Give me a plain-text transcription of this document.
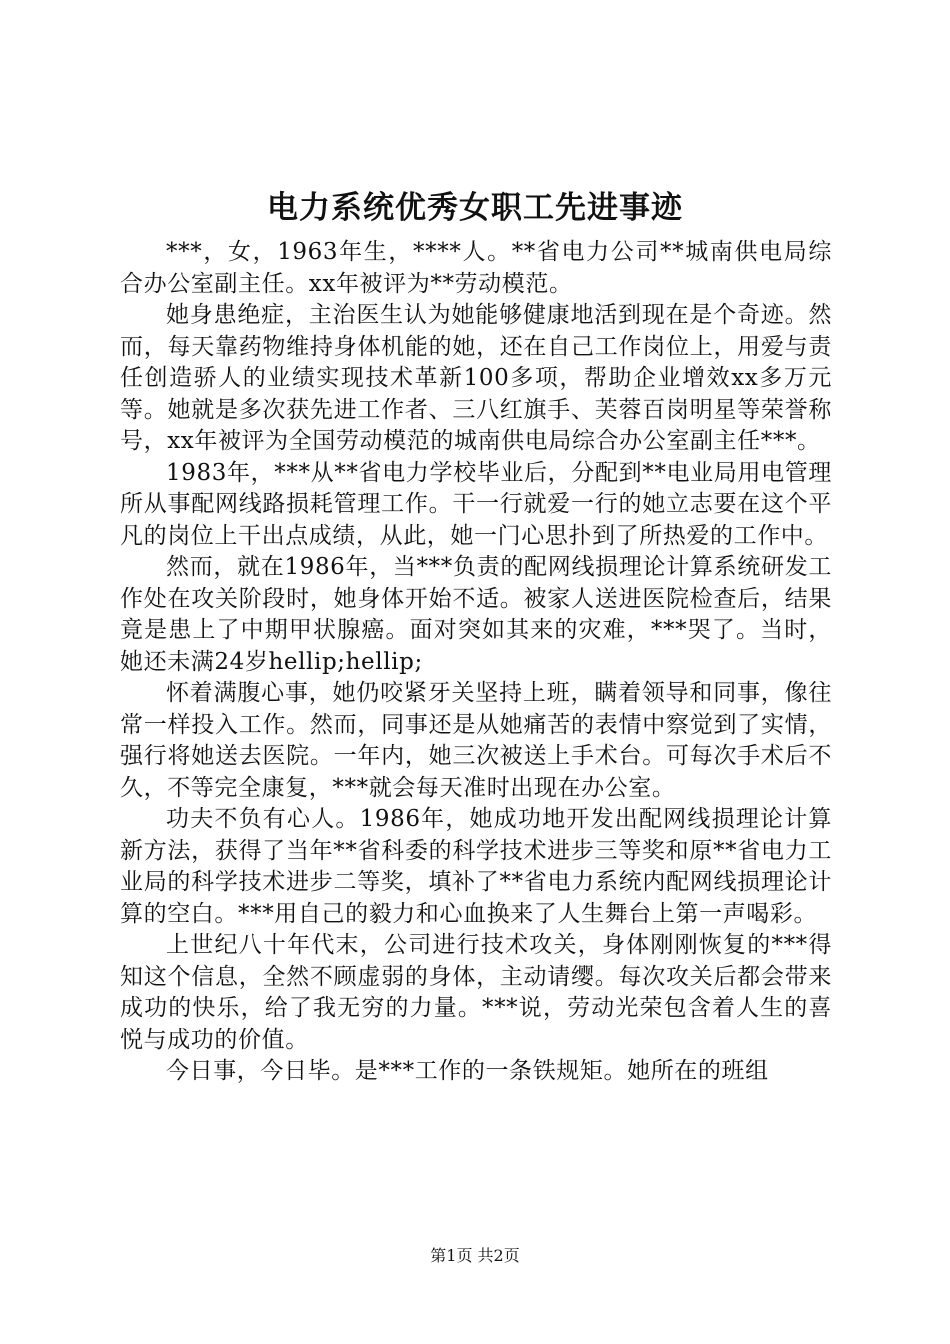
电力系统优秀女职工先进事迹

***，女，1963年生，****人。**省电力公司**城南供电局综合办公室副主任。xx年被评为**劳动模范。

她身患绝症，主治医生认为她能够健康地活到现在是个奇迹。然而，每天靠药物维持身体机能的她，还在自己工作岗位上，用爱与责任创造骄人的业绩实现技术革新100多项，帮助企业增效xx多万元等。她就是多次获先进工作者、三八红旗手、芙蓉百岗明星等荣誉称号，xx年被评为全国劳动模范的城南供电局综合办公室副主任***。

1983年，***从**省电力学校毕业后，分配到**电业局用电管理所从事配网线路损耗管理工作。干一行就爱一行的她立志要在这个平凡的岗位上干出点成绩，从此，她一门心思扑到了所热爱的工作中。

然而，就在1986年，当***负责的配网线损理论计算系统研发工作处在攻关阶段时，她身体开始不适。被家人送进医院检查后，结果竟是患上了中期甲状腺癌。面对突如其来的灾难，***哭了。当时，她还未满24岁hellip;hellip;

怀着满腹心事，她仍咬紧牙关坚持上班，瞒着领导和同事，像往常一样投入工作。然而，同事还是从她痛苦的表情中察觉到了实情，强行将她送去医院。一年内，她三次被送上手术台。可每次手术后不久，不等完全康复，***就会每天准时出现在办公室。

功夫不负有心人。1986年，她成功地开发出配网线损理论计算新方法，获得了当年**省科委的科学技术进步三等奖和原**省电力工业局的科学技术进步二等奖，填补了**省电力系统内配网线损理论计算的空白。***用自己的毅力和心血换来了人生舞台上第一声喝彩。

上世纪八十年代末，公司进行技术攻关，身体刚刚恢复的***得知这个信息，全然不顾虚弱的身体，主动请缨。每次攻关后都会带来成功的快乐，给了我无穷的力量。***说，劳动光荣包含着人生的喜悦与成功的价值。

今日事，今日毕。是***工作的一条铁规矩。她所在的班组

第1页 共2页
